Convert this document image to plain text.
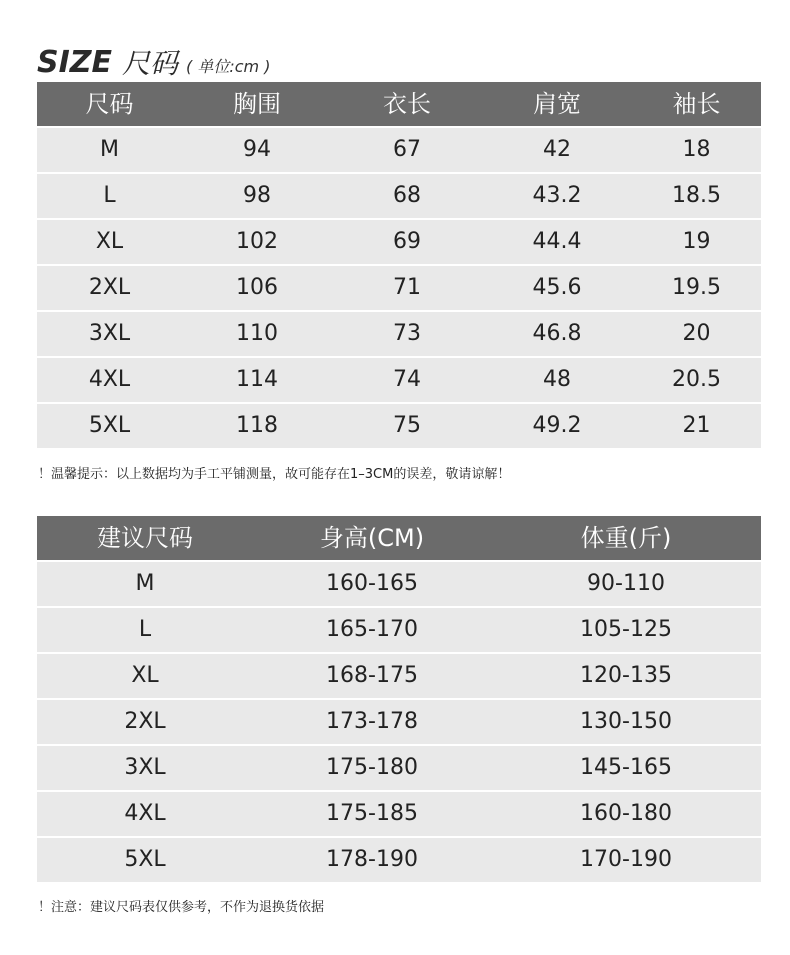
SIZE 尺码 ( 单位:cm )
尺码	胸围	衣长	肩宽	袖长
M	94	67	42	18
L	98	68	43.2	18.5
XL	102	69	44.4	19
2XL	106	71	45.6	19.5
3XL	110	73	46.8	20
4XL	114	74	48	20.5
5XL	118	75	49.2	21
！温馨提示：以上数据均为手工平铺测量，故可能存在1–3CM的误差，敬请谅解！
建议尺码	身高(CM)	体重(斤)
M	160-165	90-110
L	165-170	105-125
XL	168-175	120-135
2XL	173-178	130-150
3XL	175-180	145-165
4XL	175-185	160-180
5XL	178-190	170-190
！注意：建议尺码表仅供参考，不作为退换货依据
